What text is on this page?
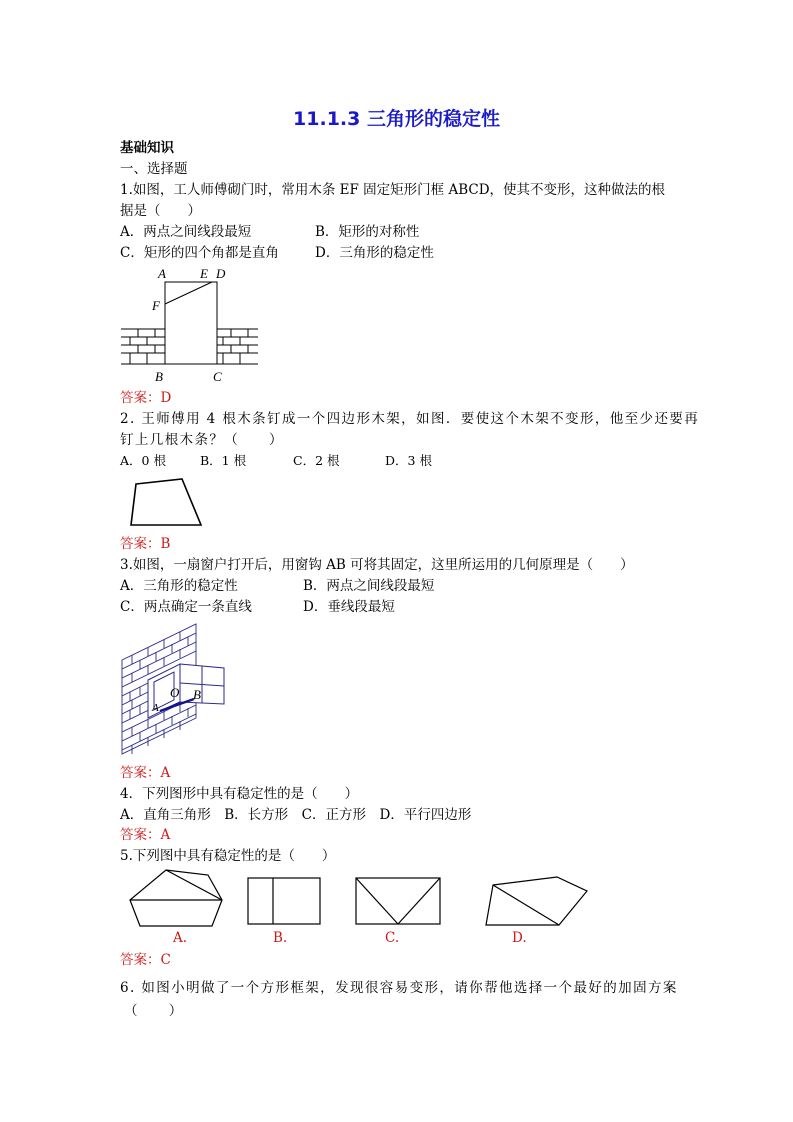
11.1.3 三角形的稳定性
基础知识
一、选择题
1.如图，工人师傅砌门时，常用木条 EF 固定矩形门框 ABCD，使其不变形，这种做法的根
据是（　　）
A．两点之间线段最短	B．矩形的对称性
C．矩形的四个角都是直角	D．三角形的稳定性
A	E D
F
B	C
答案：D
2. 王师傅用 4 根木条钉成一个四边形木架，如图．要使这个木架不变形，他至少还要再
钉上几根木条？（　　）
A．0 根	B．1 根	C．2 根	D．3 根
答案：B
3.如图，一扇窗户打开后，用窗钩 AB 可将其固定，这里所运用的几何原理是（　　）
A．三角形的稳定性	B．两点之间线段最短
C．两点确定一条直线	D．垂线段最短
O B
A
答案：A
4．下列图形中具有稳定性的是（　　）
A．直角三角形　B．长方形　C．正方形　D．平行四边形
答案：A
5.下列图中具有稳定性的是（　　）
A.	B.	C.	D.
答案：C
6. 如图小明做了一个方形框架，发现很容易变形，请你帮他选择一个最好的加固方案
（　　）
